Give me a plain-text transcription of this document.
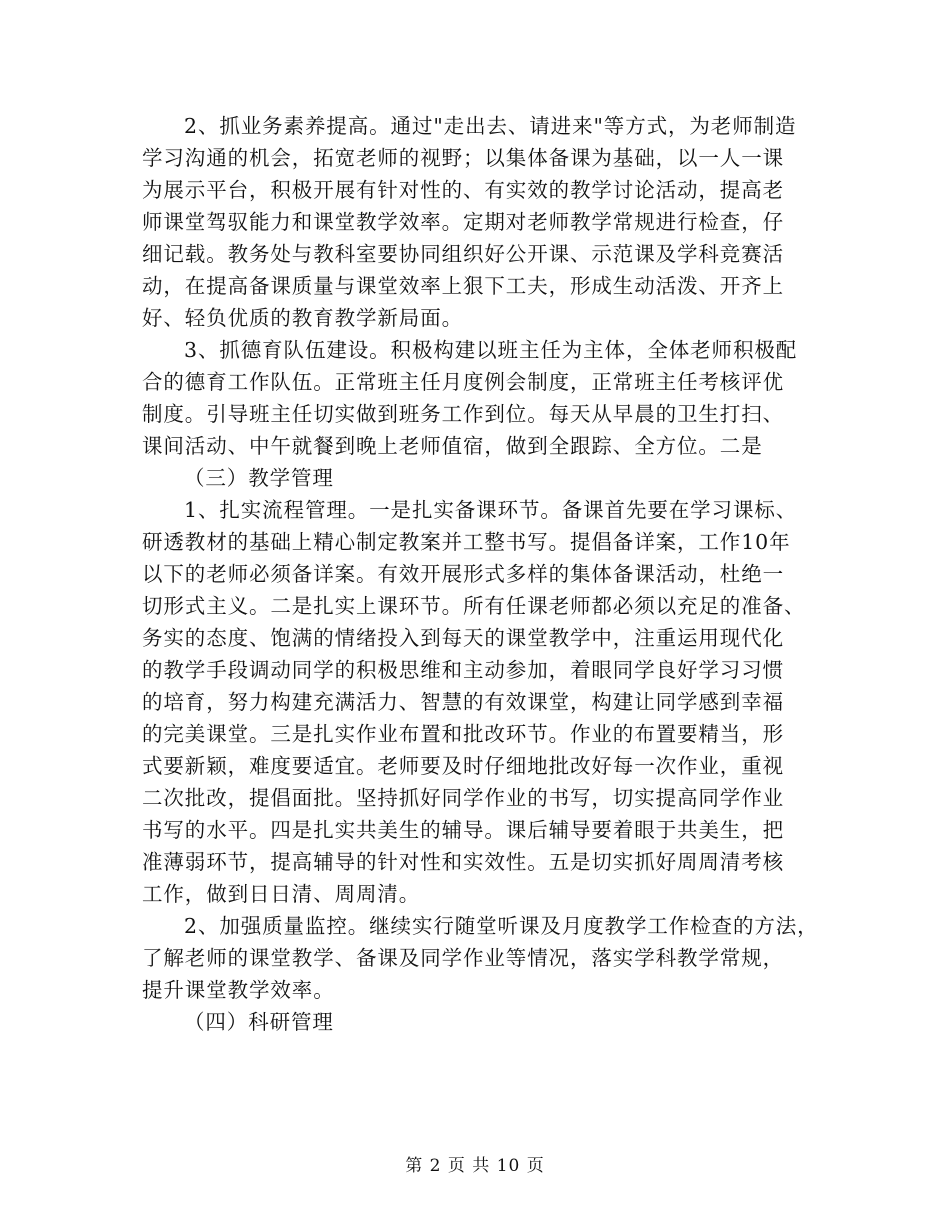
2、抓业务素养提高。通过"走出去、请进来"等方式，为老师制造
学习沟通的机会，拓宽老师的视野；以集体备课为基础，以一人一课
为展示平台，积极开展有针对性的、有实效的教学讨论活动，提高老
师课堂驾驭能力和课堂教学效率。定期对老师教学常规进行检查，仔
细记载。教务处与教科室要协同组织好公开课、示范课及学科竞赛活
动，在提高备课质量与课堂效率上狠下工夫，形成生动活泼、开齐上
好、轻负优质的教育教学新局面。
3、抓德育队伍建设。积极构建以班主任为主体，全体老师积极配
合的德育工作队伍。正常班主任月度例会制度，正常班主任考核评优
制度。引导班主任切实做到班务工作到位。每天从早晨的卫生打扫、
课间活动、中午就餐到晚上老师值宿，做到全跟踪、全方位。二是
（三）教学管理
1、扎实流程管理。一是扎实备课环节。备课首先要在学习课标、
研透教材的基础上精心制定教案并工整书写。提倡备详案，工作10年
以下的老师必须备详案。有效开展形式多样的集体备课活动，杜绝一
切形式主义。二是扎实上课环节。所有任课老师都必须以充足的准备、
务实的态度、饱满的情绪投入到每天的课堂教学中，注重运用现代化
的教学手段调动同学的积极思维和主动参加，着眼同学良好学习习惯
的培育，努力构建充满活力、智慧的有效课堂，构建让同学感到幸福
的完美课堂。三是扎实作业布置和批改环节。作业的布置要精当，形
式要新颖，难度要适宜。老师要及时仔细地批改好每一次作业，重视
二次批改，提倡面批。坚持抓好同学作业的书写，切实提高同学作业
书写的水平。四是扎实共美生的辅导。课后辅导要着眼于共美生，把
准薄弱环节，提高辅导的针对性和实效性。五是切实抓好周周清考核
工作，做到日日清、周周清。
2、加强质量监控。继续实行随堂听课及月度教学工作检查的方法，
了解老师的课堂教学、备课及同学作业等情况，落实学科教学常规，
提升课堂教学效率。
（四）科研管理
第 2 页 共 10 页
